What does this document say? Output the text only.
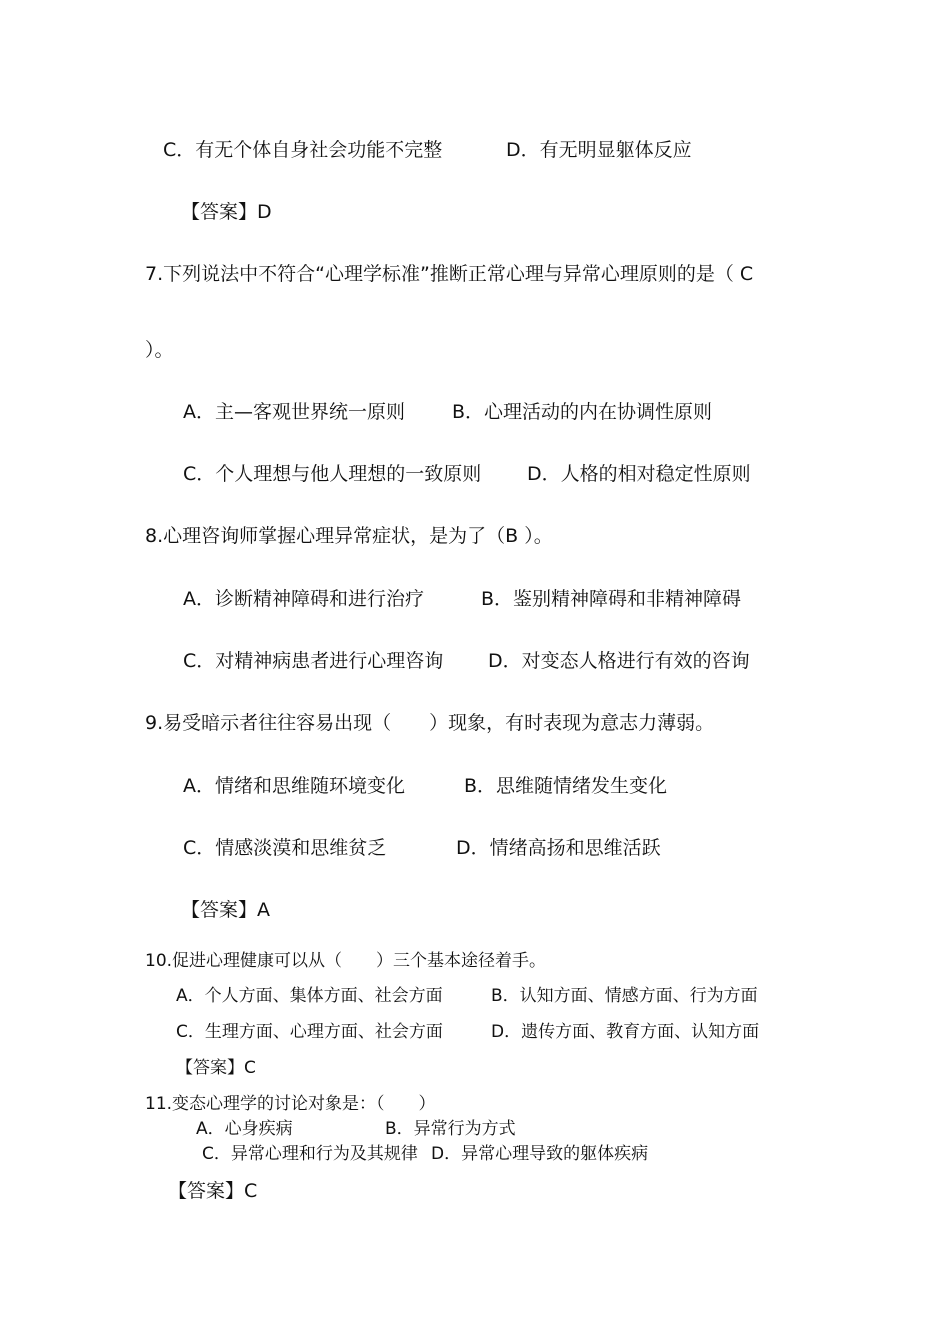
C．有无个体自身社会功能不完整	D．有无明显躯体反应
【答案】D
7.下列说法中不符合“心理学标准”推断正常心理与异常心理原则的是（ C
）。
A．主—客观世界统一原则 B．心理活动的内在协调性原则
C．个人理想与他人理想的一致原则 D．人格的相对稳定性原则
8.心理咨询师掌握心理异常症状，是为了（B ）。
A．诊断精神障碍和进行治疗	B．鉴别精神障碍和非精神障碍
C．对精神病患者进行心理咨询 D．对变态人格进行有效的咨询
9.易受暗示者往往容易出现（　　）现象，有时表现为意志力薄弱。
A．情绪和思维随环境变化	B．思维随情绪发生变化
C．情感淡漠和思维贫乏	D．情绪高扬和思维活跃
【答案】A
10.促进心理健康可以从（　　）三个基本途径着手。
A．个人方面、集体方面、社会方面	B．认知方面、情感方面、行为方面
C．生理方面、心理方面、社会方面	D．遗传方面、教育方面、认知方面
【答案】C
11.变态心理学的讨论对象是：（　　）
A．心身疾病	B．异常行为方式
C．异常心理和行为及其规律 D．异常心理导致的躯体疾病
【答案】C
